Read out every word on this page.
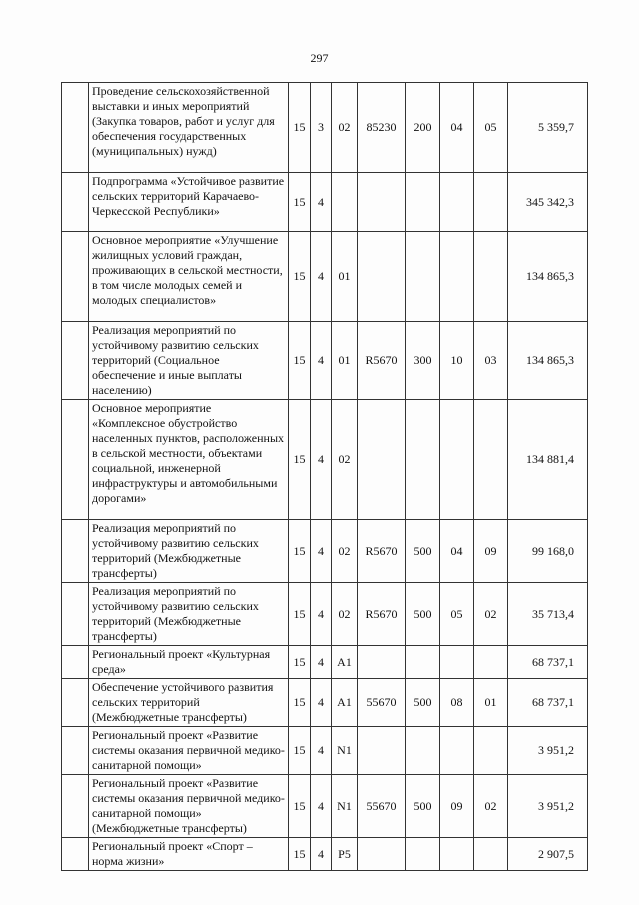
297
	Проведение сельскохозяйственной выставки и иных мероприятий (Закупка товаров, работ и услуг для обеспечения государственных (муниципальных) нужд)	15	3	02	85230	200	04	05	5 359,7
	Подпрограмма «Устойчивое развитие сельских территорий Карачаево-Черкесской Республики»	15	4						345 342,3
	Основное мероприятие «Улучшение жилищных условий граждан, проживающих в сельской местности, в том числе молодых семей и молодых специалистов»	15	4	01					134 865,3
	Реализация мероприятий по устойчивому развитию сельских территорий (Социальное обеспечение и иные выплаты населению)	15	4	01	R5670	300	10	03	134 865,3
	Основное мероприятие «Комплексное обустройство населенных пунктов, расположенных в сельской местности, объектами социальной, инженерной инфраструктуры и автомобильными дорогами»	15	4	02					134 881,4
	Реализация мероприятий по устойчивому развитию сельских территорий (Межбюджетные трансферты)	15	4	02	R5670	500	04	09	99 168,0
	Реализация мероприятий по устойчивому развитию сельских территорий (Межбюджетные трансферты)	15	4	02	R5670	500	05	02	35 713,4
	Региональный проект «Культурная среда»	15	4	A1					68 737,1
	Обеспечение устойчивого развития сельских территорий (Межбюджетные трансферты)	15	4	A1	55670	500	08	01	68 737,1
	Региональный проект «Развитие системы оказания первичной медико-санитарной помощи»	15	4	N1					3 951,2
	Региональный проект «Развитие системы оказания первичной медико-санитарной помощи» (Межбюджетные трансферты)	15	4	N1	55670	500	09	02	3 951,2
	Региональный проект «Спорт – норма жизни»	15	4	P5					2 907,5
